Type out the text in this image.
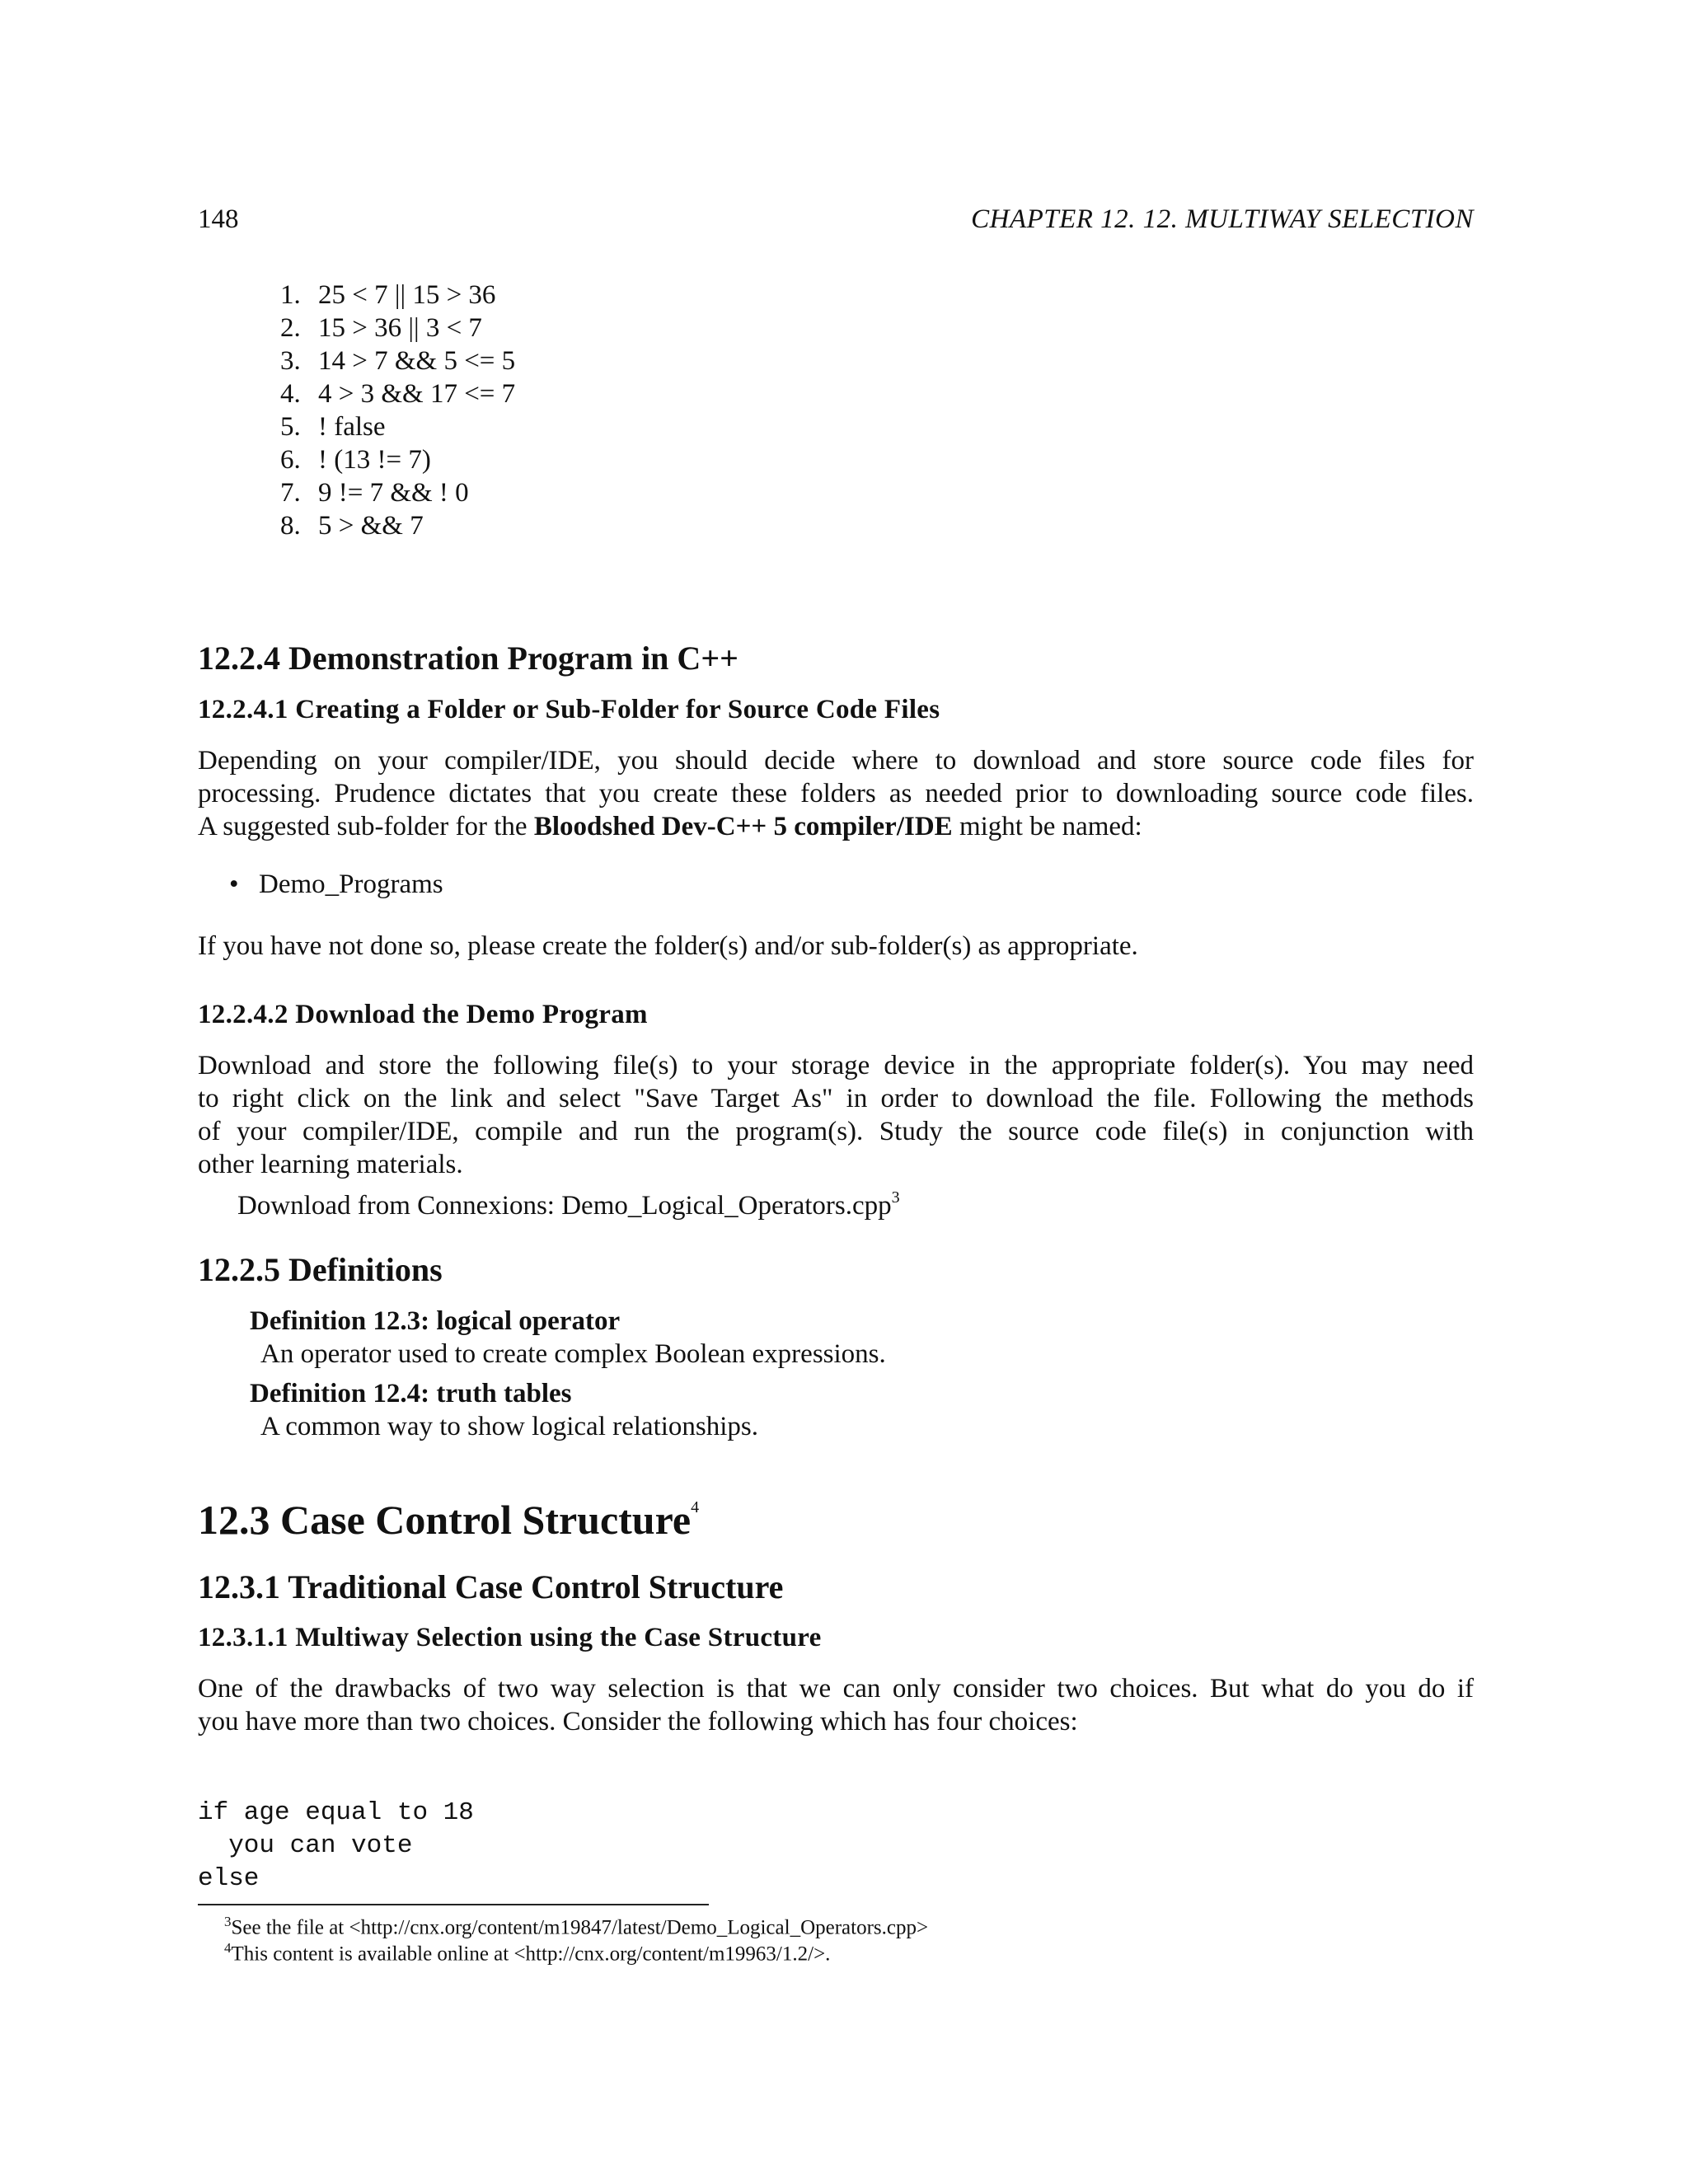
148	CHAPTER 12. 12. MULTIWAY SELECTION
1. 25 < 7 || 15 > 36
2. 15 > 36 || 3 < 7
3. 14 > 7 && 5 <= 5
4. 4 > 3 && 17 <= 7
5. ! false
6. ! (13 != 7)
7. 9 != 7 && ! 0
8. 5 > && 7
12.2.4 Demonstration Program in C++
12.2.4.1 Creating a Folder or Sub-Folder for Source Code Files
Depending on your compiler/IDE, you should decide where to download and store source code files for
processing. Prudence dictates that you create these folders as needed prior to downloading source code files.
A suggested sub-folder for the Bloodshed Dev-C++ 5 compiler/IDE might be named:
• Demo_Programs
If you have not done so, please create the folder(s) and/or sub-folder(s) as appropriate.
12.2.4.2 Download the Demo Program
Download and store the following file(s) to your storage device in the appropriate folder(s). You may need
to right click on the link and select "Save Target As" in order to download the file. Following the methods
of your compiler/IDE, compile and run the program(s). Study the source code file(s) in conjunction with
other learning materials.
Download from Connexions: Demo_Logical_Operators.cpp$^3$
12.2.5 Definitions
Definition 12.3: logical operator
An operator used to create complex Boolean expressions.
Definition 12.4: truth tables
A common way to show logical relationships.
12.3 Case Control Structure$^4$
12.3.1 Traditional Case Control Structure
12.3.1.1 Multiway Selection using the Case Structure
One of the drawbacks of two way selection is that we can only consider two choices. But what do you do if
you have more than two choices. Consider the following which has four choices:
if age equal to 18
you can vote
else
$^3$See the file at <http://cnx.org/content/m19847/latest/Demo_Logical_Operators.cpp>
$^4$This content is available online at <http://cnx.org/content/m19963/1.2/>.
